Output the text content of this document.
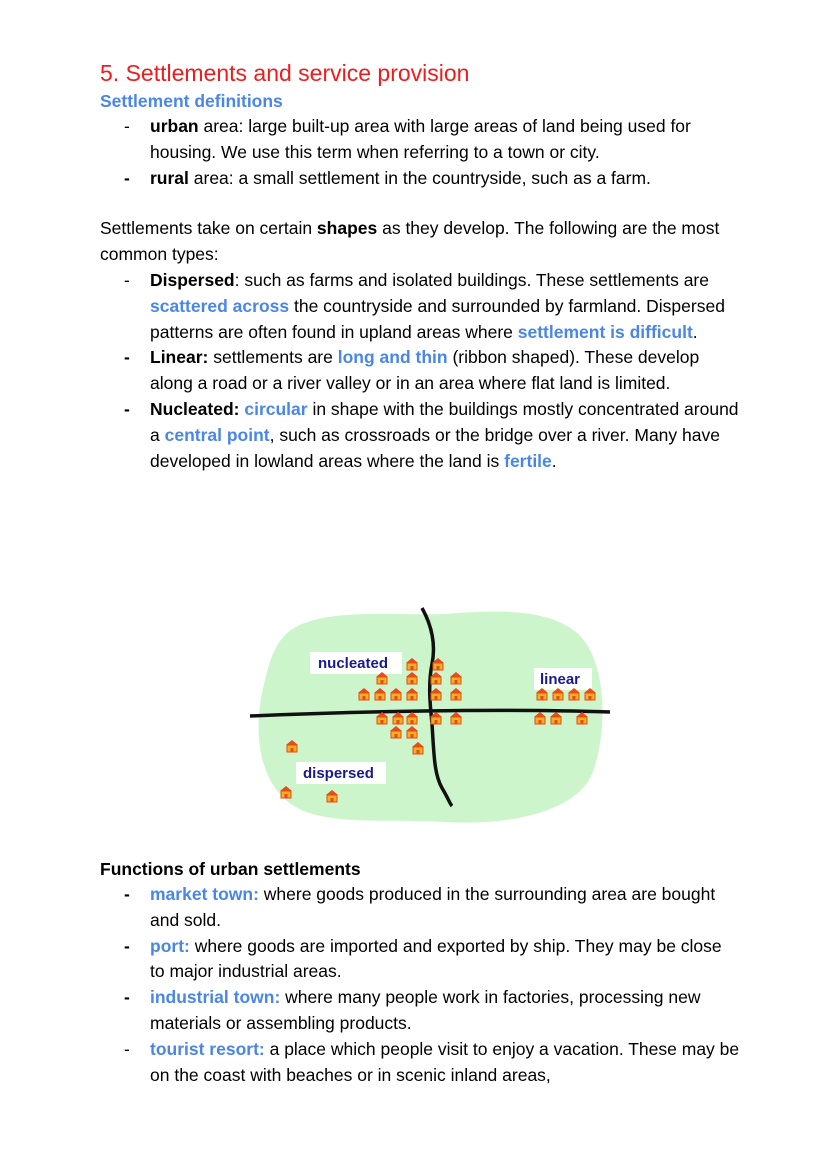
5. Settlements and service provision
Settlement definitions
- urban area: large built-up area with large areas of land being used for housing. We use this term when referring to a town or city.
- rural area: a small settlement in the countryside, such as a farm.

Settlements take on certain shapes as they develop. The following are the most common types:

- Dispersed: such as farms and isolated buildings. These settlements are scattered across the countryside and surrounded by farmland. Dispersed patterns are often found in upland areas where settlement is difficult.
- Linear: settlements are long and thin (ribbon shaped). These develop along a road or a river valley or in an area where flat land is limited.
- Nucleated: circular in shape with the buildings mostly concentrated around a central point, such as crossroads or the bridge over a river. Many have developed in lowland areas where the land is fertile.
nucleated
linear
dispersed
Functions of urban settlements
- market town: where goods produced in the surrounding area are bought and sold.
- port: where goods are imported and exported by ship. They may be close to major industrial areas.
- industrial town: where many people work in factories, processing new materials or assembling products.
- tourist resort: a place which people visit to enjoy a vacation. These may be on the coast with beaches or in scenic inland areas,
